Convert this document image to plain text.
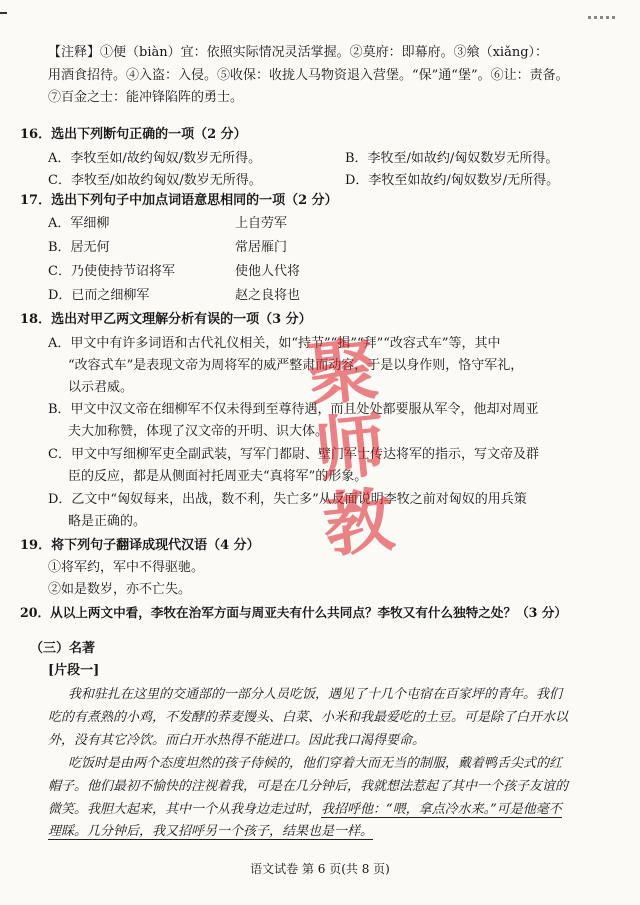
【注释】①便（biàn）宜：依照实际情况灵活掌握。②莫府：即幕府。③飨（xiǎng）：
用酒食招待。④入盗：入侵。⑤收保：收拢人马物资退入营堡。“保”通“堡”。⑥让：责备。
⑦百金之士：能冲锋陷阵的勇士。
16．选出下列断句正确的一项（2 分）
A．李牧至如/故约匈奴/数岁无所得。	B．李牧至/如故约/匈奴数岁无所得。
C．李牧至/如故约匈奴/数岁无所得。	D．李牧至如故约/匈奴数岁/无所得。
17．选出下列句子中加点词语意思相同的一项（2 分）
A．军细柳	上自劳军
B．居无何	常居雁门
C．乃使使持节诏将军	使他人代将
D．已而之细柳军	赵之良将也
18．选出对甲乙两文理解分析有误的一项（3 分）
A．甲文中有许多词语和古代礼仪相关，如“持节”“揖”“拜”“改容式车”等，其中
“改容式车”是表现文帝为周将军的威严整肃而动容，于是以身作则，恪守军礼，
以示君威。
B．甲文中汉文帝在细柳军不仅未得到至尊待遇，而且处处都要服从军令，他却对周亚
夫大加称赞，体现了汉文帝的开明、识大体。
C．甲文中写细柳军吏全副武装，写军门都尉、壁门军士传达将军的指示，写文帝及群
臣的反应，都是从侧面衬托周亚夫“真将军”的形象。
D．乙文中“匈奴每来，出战，数不利，失亡多”从反面说明李牧之前对匈奴的用兵策
略是正确的。
19．将下列句子翻译成现代汉语（4 分）
①将军约，军中不得驱驰。
②如是数岁，亦不亡失。
20．从以上两文中看，李牧在治军方面与周亚夫有什么共同点？李牧又有什么独特之处？（3 分）
（三）名著
[片段一]
我和驻扎在这里的交通部的一部分人员吃饭，遇见了十几个屯宿在百家坪的青年。我们
吃的有煮熟的小鸡，不发酵的荞麦馒头、白菜、小米和我最爱吃的土豆。可是除了白开水以
外，没有其它冷饮。而白开水热得不能进口。因此我口渴得要命。
吃饭时是由两个态度坦然的孩子侍候的，他们穿着大而无当的制服，戴着鸭舌尖式的红
帽子。他们最初不愉快的注视着我，可是在几分钟后，我就想法惹起了其中一个孩子友谊的
微笑。我胆大起来，其中一个从我身边走过时，我招呼他：“喂，拿点冷水来。”可是他毫不
理睬。几分钟后，我又招呼另一个孩子，结果也是一样。
语文试卷 第 6 页(共 8 页)
聚 师 教
